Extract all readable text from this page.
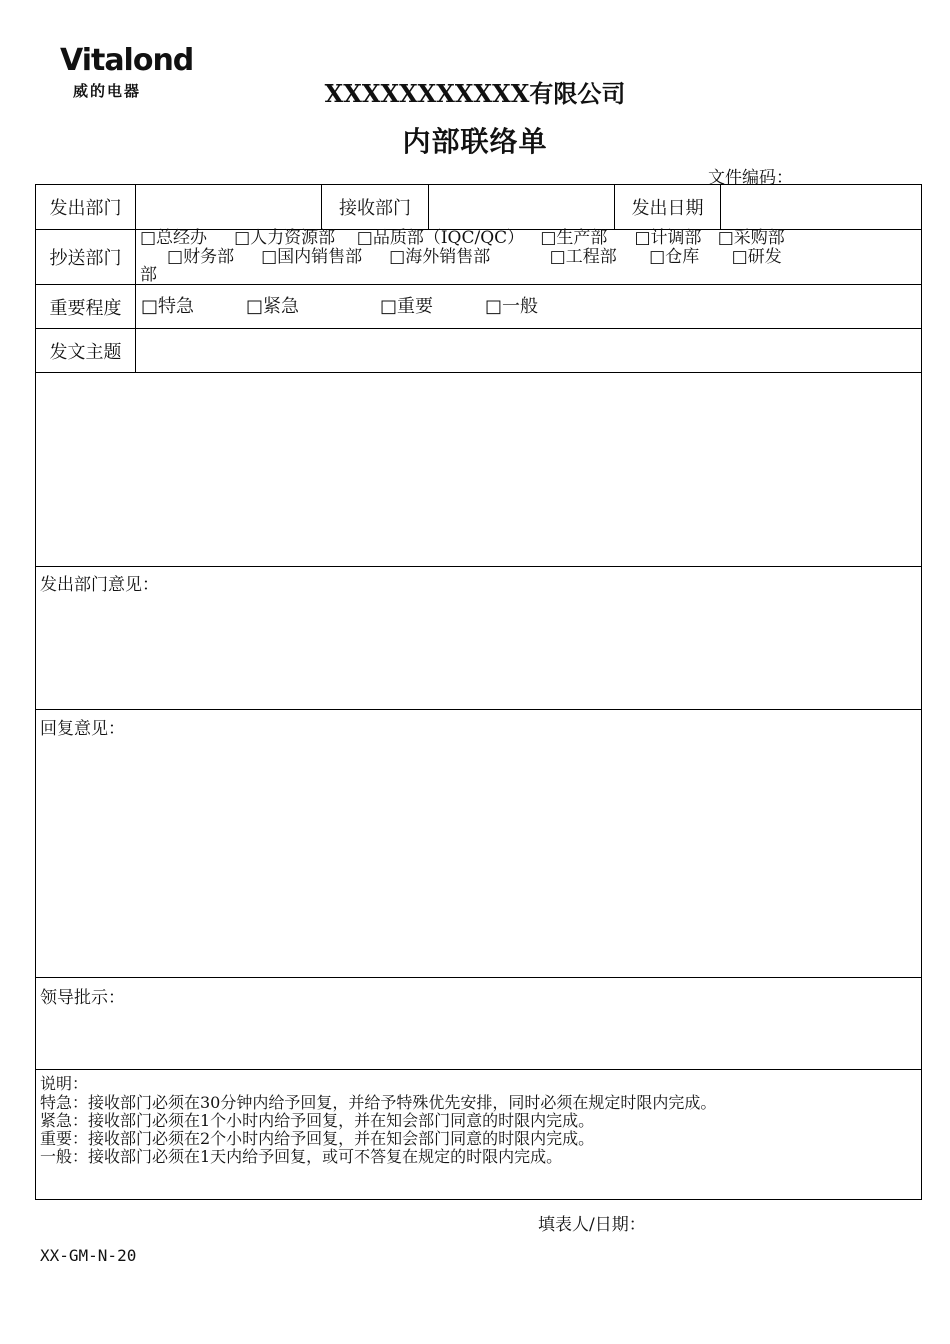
Vitalond
威的电器	XXXXXXXXXXX有限公司
内部联络单
文件编码：
发出部门	接收部门	发出日期
抄送部门
□总经办     □人力资源部    □品质部（IQC/QC）   □生产部     □计调部   □采购部
□财务部     □国内销售部     □海外销售部           □工程部      □仓库      □研发
部
重要程度	□特急	□紧急	□重要	□一般
发文主题
发出部门意见：
回复意见：
领导批示：
说明：
特急：接收部门必须在30分钟内给予回复，并给予特殊优先安排，同时必须在规定时限内完成。
紧急：接收部门必须在1个小时内给予回复，并在知会部门同意的时限内完成。
重要：接收部门必须在2个小时内给予回复，并在知会部门同意的时限内完成。
一般：接收部门必须在1天内给予回复，或可不答复在规定的时限内完成。
填表人/日期：
XX-GM-N-20
